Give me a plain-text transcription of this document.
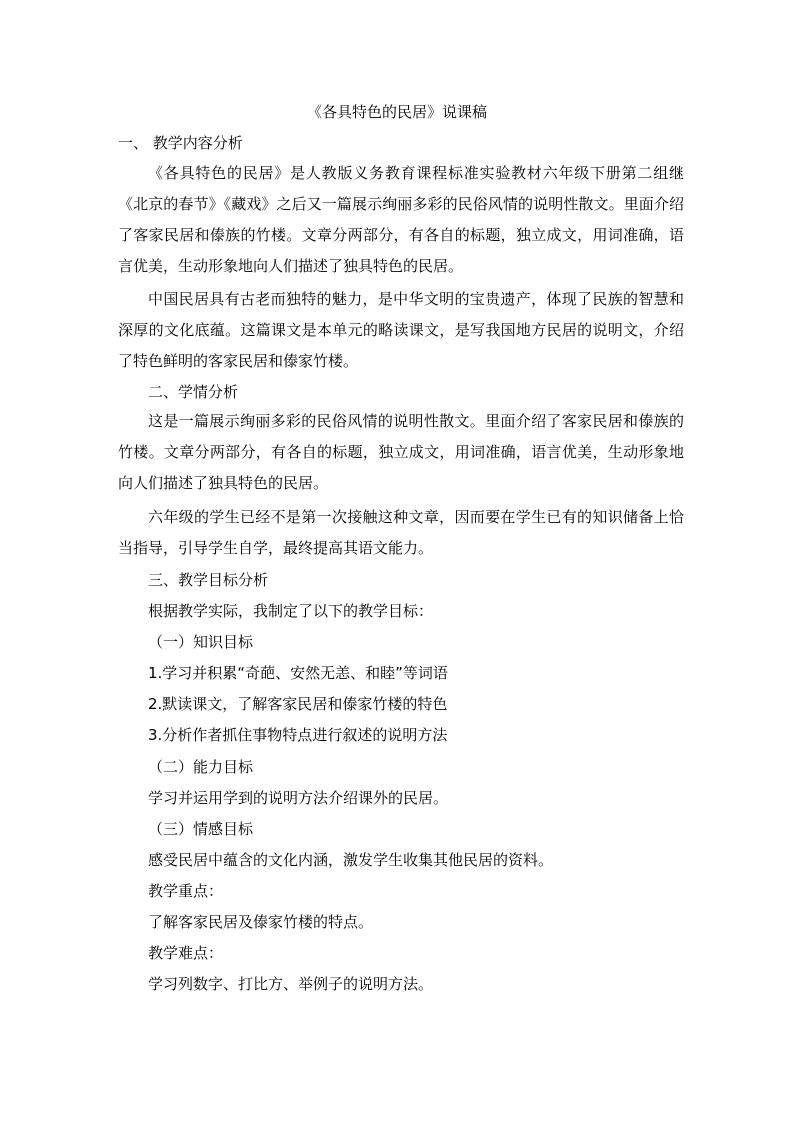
《各具特色的民居》说课稿
一、 教学内容分析

《各具特色的民居》是人教版义务教育课程标准实验教材六年级下册第二组继《北京的春节》《藏戏》之后又一篇展示绚丽多彩的民俗风情的说明性散文。里面介绍了客家民居和傣族的竹楼。文章分两部分，有各自的标题，独立成文，用词准确，语言优美，生动形象地向人们描述了独具特色的民居。

中国民居具有古老而独特的魅力，是中华文明的宝贵遗产，体现了民族的智慧和深厚的文化底蕴。这篇课文是本单元的略读课文，是写我国地方民居的说明文，介绍了特色鲜明的客家民居和傣家竹楼。

二、学情分析

这是一篇展示绚丽多彩的民俗风情的说明性散文。里面介绍了客家民居和傣族的竹楼。文章分两部分，有各自的标题，独立成文，用词准确，语言优美，生动形象地向人们描述了独具特色的民居。

六年级的学生已经不是第一次接触这种文章，因而要在学生已有的知识储备上恰当指导，引导学生自学，最终提高其语文能力。

三、教学目标分析
根据教学实际，我制定了以下的教学目标：
（一）知识目标
1.学习并积累“奇葩、安然无恙、和睦”等词语
2.默读课文，了解客家民居和傣家竹楼的特色
3.分析作者抓住事物特点进行叙述的说明方法
（二）能力目标
学习并运用学到的说明方法介绍课外的民居。
（三）情感目标
感受民居中蕴含的文化内涵，激发学生收集其他民居的资料。
教学重点：
了解客家民居及傣家竹楼的特点。
教学难点：
学习列数字、打比方、举例子的说明方法。
